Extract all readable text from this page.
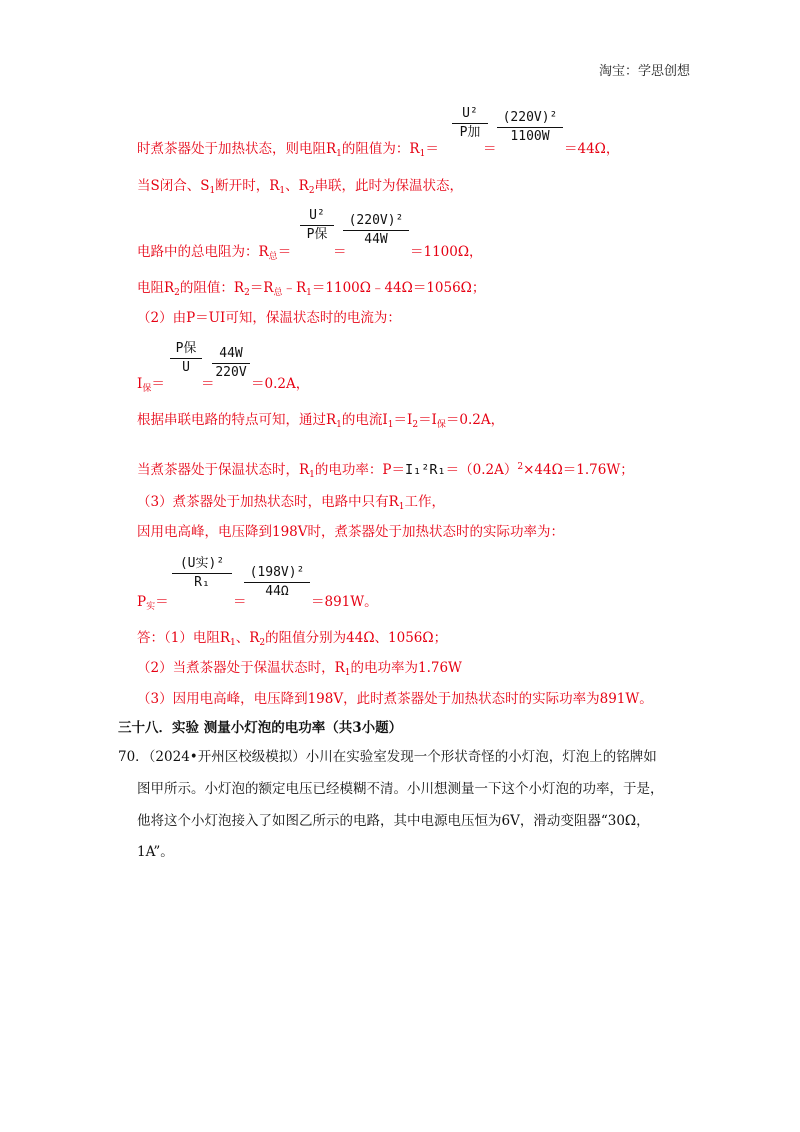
淘宝：学思创想
时煮茶器处于加热状态，则电阻$R_1$的阻值为：$R_1=$
U²
P加
＝
(220V)²
1100W
＝44Ω，
当S闭合、$S_1$断开时，$R_1$、$R_2$串联，此时为保温状态，
电路中的总电阻为：$R_总=$
U²
P保
＝
(220V)²
44W
＝1100Ω，
电阻$R_2$的阻值：$R_2=R_总﹣R_1=1100\Omega﹣44\Omega=1056\Omega$；
（2）由P＝UI可知，保温状态时的电流为：
$I_保=$
P保
U
＝
44W
220V
＝0.2A，
根据串联电路的特点可知，通过$R_1$的电流$I_1=I_2=I_保=0.2A$，
当煮茶器处于保温状态时，$R_1$的电功率：$P=I_1^2R_1=(0.2A)^2\times 44\Omega=1.76W$；
（3）煮茶器处于加热状态时，电路中只有$R_1$工作，
因用电高峰，电压降到198V时，煮茶器处于加热状态时的实际功率为：
$P_实=$
(U实)²
R₁
＝
(198V)²
44Ω
＝891W。
答：（1）电阻$R_1$、$R_2$的阻值分别为44Ω、1056Ω；
（2）当煮茶器处于保温状态时，$R_1$的电功率为1.76W
（3）因用电高峰，电压降到198V，此时煮茶器处于加热状态时的实际功率为891W。
三十八．实验 测量小灯泡的电功率（共3小题）
70．（2024•开州区校级模拟）小川在实验室发现一个形状奇怪的小灯泡，灯泡上的铭牌如
图甲所示。小灯泡的额定电压已经模糊不清。小川想测量一下这个小灯泡的功率，于是，
他将这个小灯泡接入了如图乙所示的电路，其中电源电压恒为6V，滑动变阻器“30Ω，
1A”。
